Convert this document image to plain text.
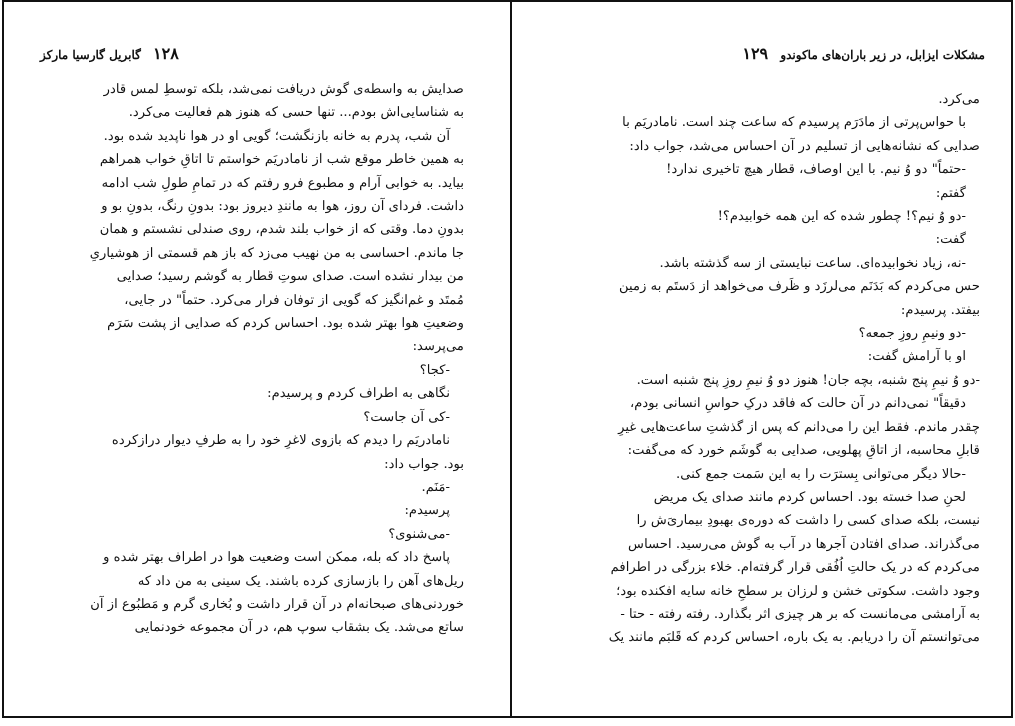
۱۲۸ گابریل گارسیا مارکز

صدایش به واسطه‌ی گوش دریافت نمی‌شد، بلکه توسطِ لمس قادر

به شناسایی‌اش بودم... تنها حسی که هنوز هم فعالیت می‌کرد.

آن شب، پدرم به خانه بازنگشت؛ گویی او در هوا ناپدید شده بود.

به همین خاطر موقع شب از نامادریَم خواستم تا اتاقِ خواب همراهم

بیاید. به خوابی آرام و مطبوع فرو رفتم که در تمامِ طولِ شب ادامه

داشت. فردای آن روز، هوا به مانندِ دیروز بود: بدونِ رنگ، بدونِ بو و

بدونِ دما. وقتی که از خواب بلند شدم، روی صندلی نشستم و همان

جا ماندم. احساسی به من نهیب می‌زد که باز هم قسمتی از هوشیاریِ

من بیدار نشده است. صدای سوتِ قطار به گوشم رسید؛ صدایی

مُمتَد و غم‌انگیز که گویی از توفان فرار می‌کرد. حتماً" در جایی،

وضعیتِ هوا بهتر شده بود. احساس کردم که صدایی از پشت سَرَم

می‌پرسد:

-کجا؟

نگاهی به اطراف کردم و پرسیدم:

-کی آن جاست؟

نامادریَم را دیدم که بازوی لاغرِ خود را به طرفِ دیوار درازکرده

بود. جواب داد:

-مَنَم.

پرسیدم:

-می‌شنوی؟

پاسخ داد که بله، ممکن است وضعیت هوا در اطراف بهتر شده و

ریل‌های آهن را بازسازی کرده باشند. یک سینی به من داد که

خوردنی‌های صبحانه‌ام در آن قرار داشت و بُخاری گرم و مَطبُوع از آن

ساتع می‌شد. یک بشقاب سوپ هم، در آن مجموعه خودنمایی

مشکلات ایزابل، در زیر باران‌های ماکوندو ۱۲۹

می‌کرد.

با حواس‌پرتی از مادَرَم پرسیدم که ساعت چند است. نامادریَم با

صدایی که نشانه‌هایی از تسلیم در آن احساس می‌شد، جواب داد:

-حتماً" دو وُ نیم. با این اوصاف، قطار هیچ تاخیری ندارد!

گفتم:

-دو وُ نیم؟! چطور شده که این همه خوابیدم؟!

گفت:

-نه، زیاد نخوابیده‌ای. ساعت نبایستی از سه گذشته باشد.

حس می‌کردم که بَدَنَم می‌لرزَد و ظَرف می‌خواهد از دَستَم به زمین

بیفتد. پرسیدم:

-دو ونیمِ روزِ جمعه؟

او با آرامش گفت:

-دو وُ نیمِ پنج شنبه، بچه جان! هنوز دو وُ نیمِ روزِ پنج شنبه است.

دقیقاً" نمی‌دانم در آن حالت که فاقد درکِ حواسِ انسانی بودم،

چقدر ماندم. فقط این را می‌دانم که پس از گذشتِ ساعت‌هایی غیرِ

قابلِ محاسبه، از اتاقِ پهلویی، صدایی به گوشَم خورد که می‌گفت:

-حالا دیگر می‌توانی بِسترَت را به این سَمت جمع کنی.

لحنِ صدا خسته بود. احساس کردم مانند صدای یک مریض

نیست، بلکه صدای کسی را داشت که دوره‌ی بهبودِ بیماری‌َش را

می‌گذراند. صدای افتادن آجرها در آب به گوش می‌رسید. احساس

می‌کردم که در یک حالتِ اُفُقی قرار گرفته‌ام. خلاء بزرگی در اطرافم

وجود داشت. سکوتی خشن و لرزان بر سطحِ خانه سایه افکنده بود؛

به آرامشی می‌مانست که بر هر چیزی اثر بگذارد. رفته رفته - حتا -

می‌توانستم آن را دریابم. به یک باره، احساس کردم که قَلبَم مانند یک
